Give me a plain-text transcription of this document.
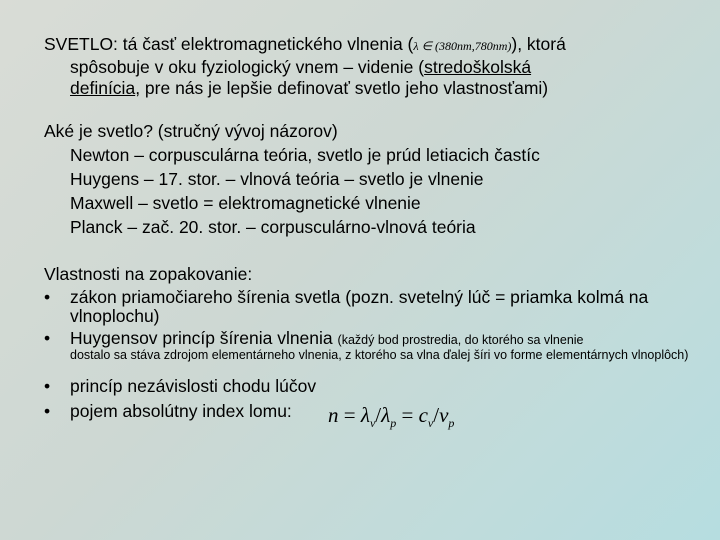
SVETLO: tá časť elektromagnetického vlnenia (λ ∈ (380nm,780nm)), ktorá
spôsobuje v oku fyziologický vnem – videnie (stredoškolská
definícia, pre nás je lepšie definovať svetlo jeho vlastnosťami)
Aké je svetlo? (stručný vývoj názorov)
Newton – corpusculárna teória, svetlo je prúd letiacich častíc
Huygens – 17. stor. – vlnová teória – svetlo je vlnenie
Maxwell – svetlo = elektromagnetické vlnenie
Planck – zač. 20. stor. – corpusculárno-vlnová teória
Vlastnosti na zopakovanie:
• zákon priamočiareho šírenia svetla (pozn. svetelný lúč = priamka kolmá na vlnoplochu)
• Huygensov princíp šírenia vlnenia (každý bod prostredia, do ktorého sa vlnenie
dostalo sa stáva zdrojom elementárneho vlnenia, z ktorého sa vlna ďalej šíri vo forme elementárnych vlnoplôch)
• princíp nezávislosti chodu lúčov
• pojem absolútny index lomu:	$n = \lambda_v/\lambda_p = c_v/v_p$
